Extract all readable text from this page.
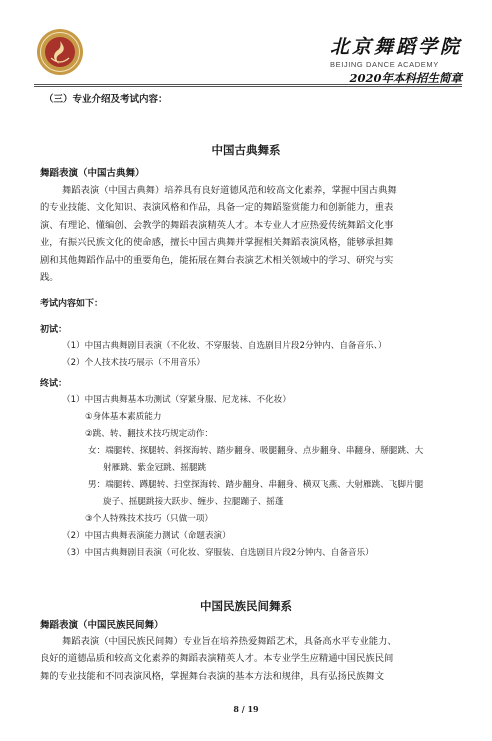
北京舞蹈学院
BEIJING DANCE ACADEMY
2020年本科招生简章
（三）专业介绍及考试内容：
中国古典舞系
舞蹈表演（中国古典舞）
舞蹈表演（中国古典舞）培养具有良好道德风范和较高文化素养，掌握中国古典舞
的专业技能、文化知识、表演风格和作品，具备一定的舞蹈鉴赏能力和创新能力，重表
演、有理论、懂编创、会教学的舞蹈表演精英人才。本专业人才应热爱传统舞蹈文化事
业，有振兴民族文化的使命感，擅长中国古典舞并掌握相关舞蹈表演风格，能够承担舞
剧和其他舞蹈作品中的重要角色，能拓展在舞台表演艺术相关领域中的学习、研究与实
践。
考试内容如下：
初试：
（1）中国古典舞剧目表演（不化妆、不穿服装、自选剧目片段2分钟内、自备音乐、）
（2）个人技术技巧展示（不用音乐）
终试：
（1）中国古典舞基本功测试（穿紧身服、尼龙袜、不化妆）
①身体基本素质能力
②跳、转、翻技术技巧规定动作：
女：端腿转、探腿转、斜探海转、踏步翻身、吸腿翻身、点步翻身、串翻身、掰腿跳、大
射雁跳、紫金冠跳、摇腿跳
男：端腿转、蹲腿转、扫堂探海转、踏步翻身、串翻身、横双飞燕、大射雁跳、飞脚片腿
旋子、摇腿跳接大跃步、缠步、拉腿蹦子、摇蓬
③个人特殊技术技巧（只做一项）
（2）中国古典舞表演能力测试（命题表演）
（3）中国古典舞剧目表演（可化妆、穿服装、自选剧目片段2分钟内、自备音乐）
中国民族民间舞系
舞蹈表演（中国民族民间舞）
舞蹈表演（中国民族民间舞）专业旨在培养热爱舞蹈艺术，具备高水平专业能力、
良好的道德品质和较高文化素养的舞蹈表演精英人才。本专业学生应精通中国民族民间
舞的专业技能和不同表演风格，掌握舞台表演的基本方法和规律，具有弘扬民族舞文
8 / 19
